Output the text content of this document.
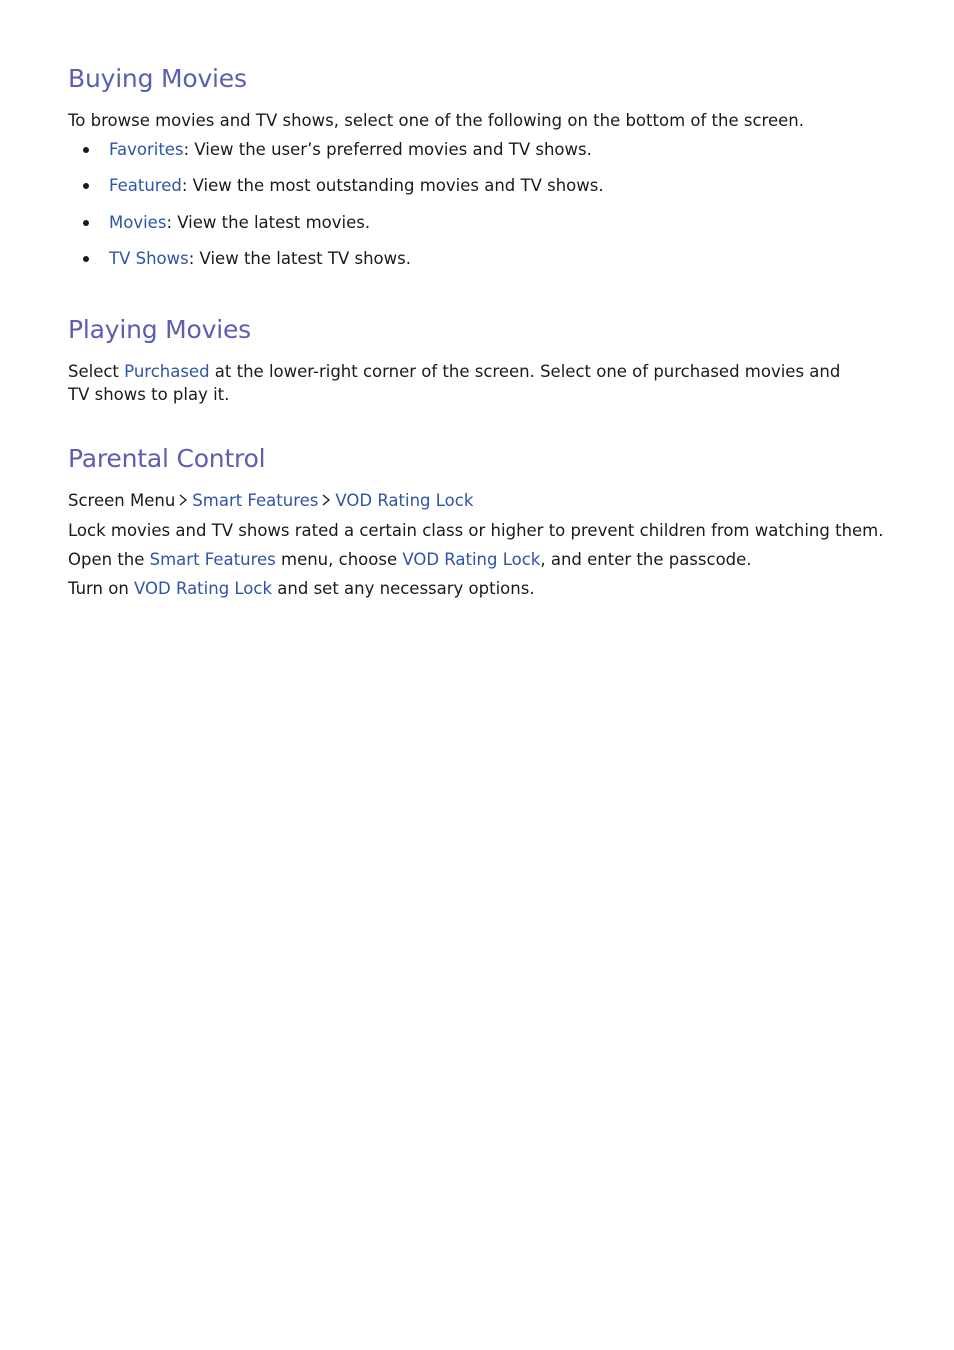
Buying Movies

To browse movies and TV shows, select one of the following on the bottom of the screen.

Favorites: View the user’s preferred movies and TV shows.
Featured: View the most outstanding movies and TV shows.
Movies: View the latest movies.
TV Shows: View the latest TV shows.
Playing Movies

Select Purchased at the lower-right corner of the screen. Select one of purchased movies and TV shows to play it.

Parental Control

Screen Menu Smart Features VOD Rating Lock

Lock movies and TV shows rated a certain class or higher to prevent children from watching them.

Open the Smart Features menu, choose VOD Rating Lock, and enter the passcode.

Turn on VOD Rating Lock and set any necessary options.
